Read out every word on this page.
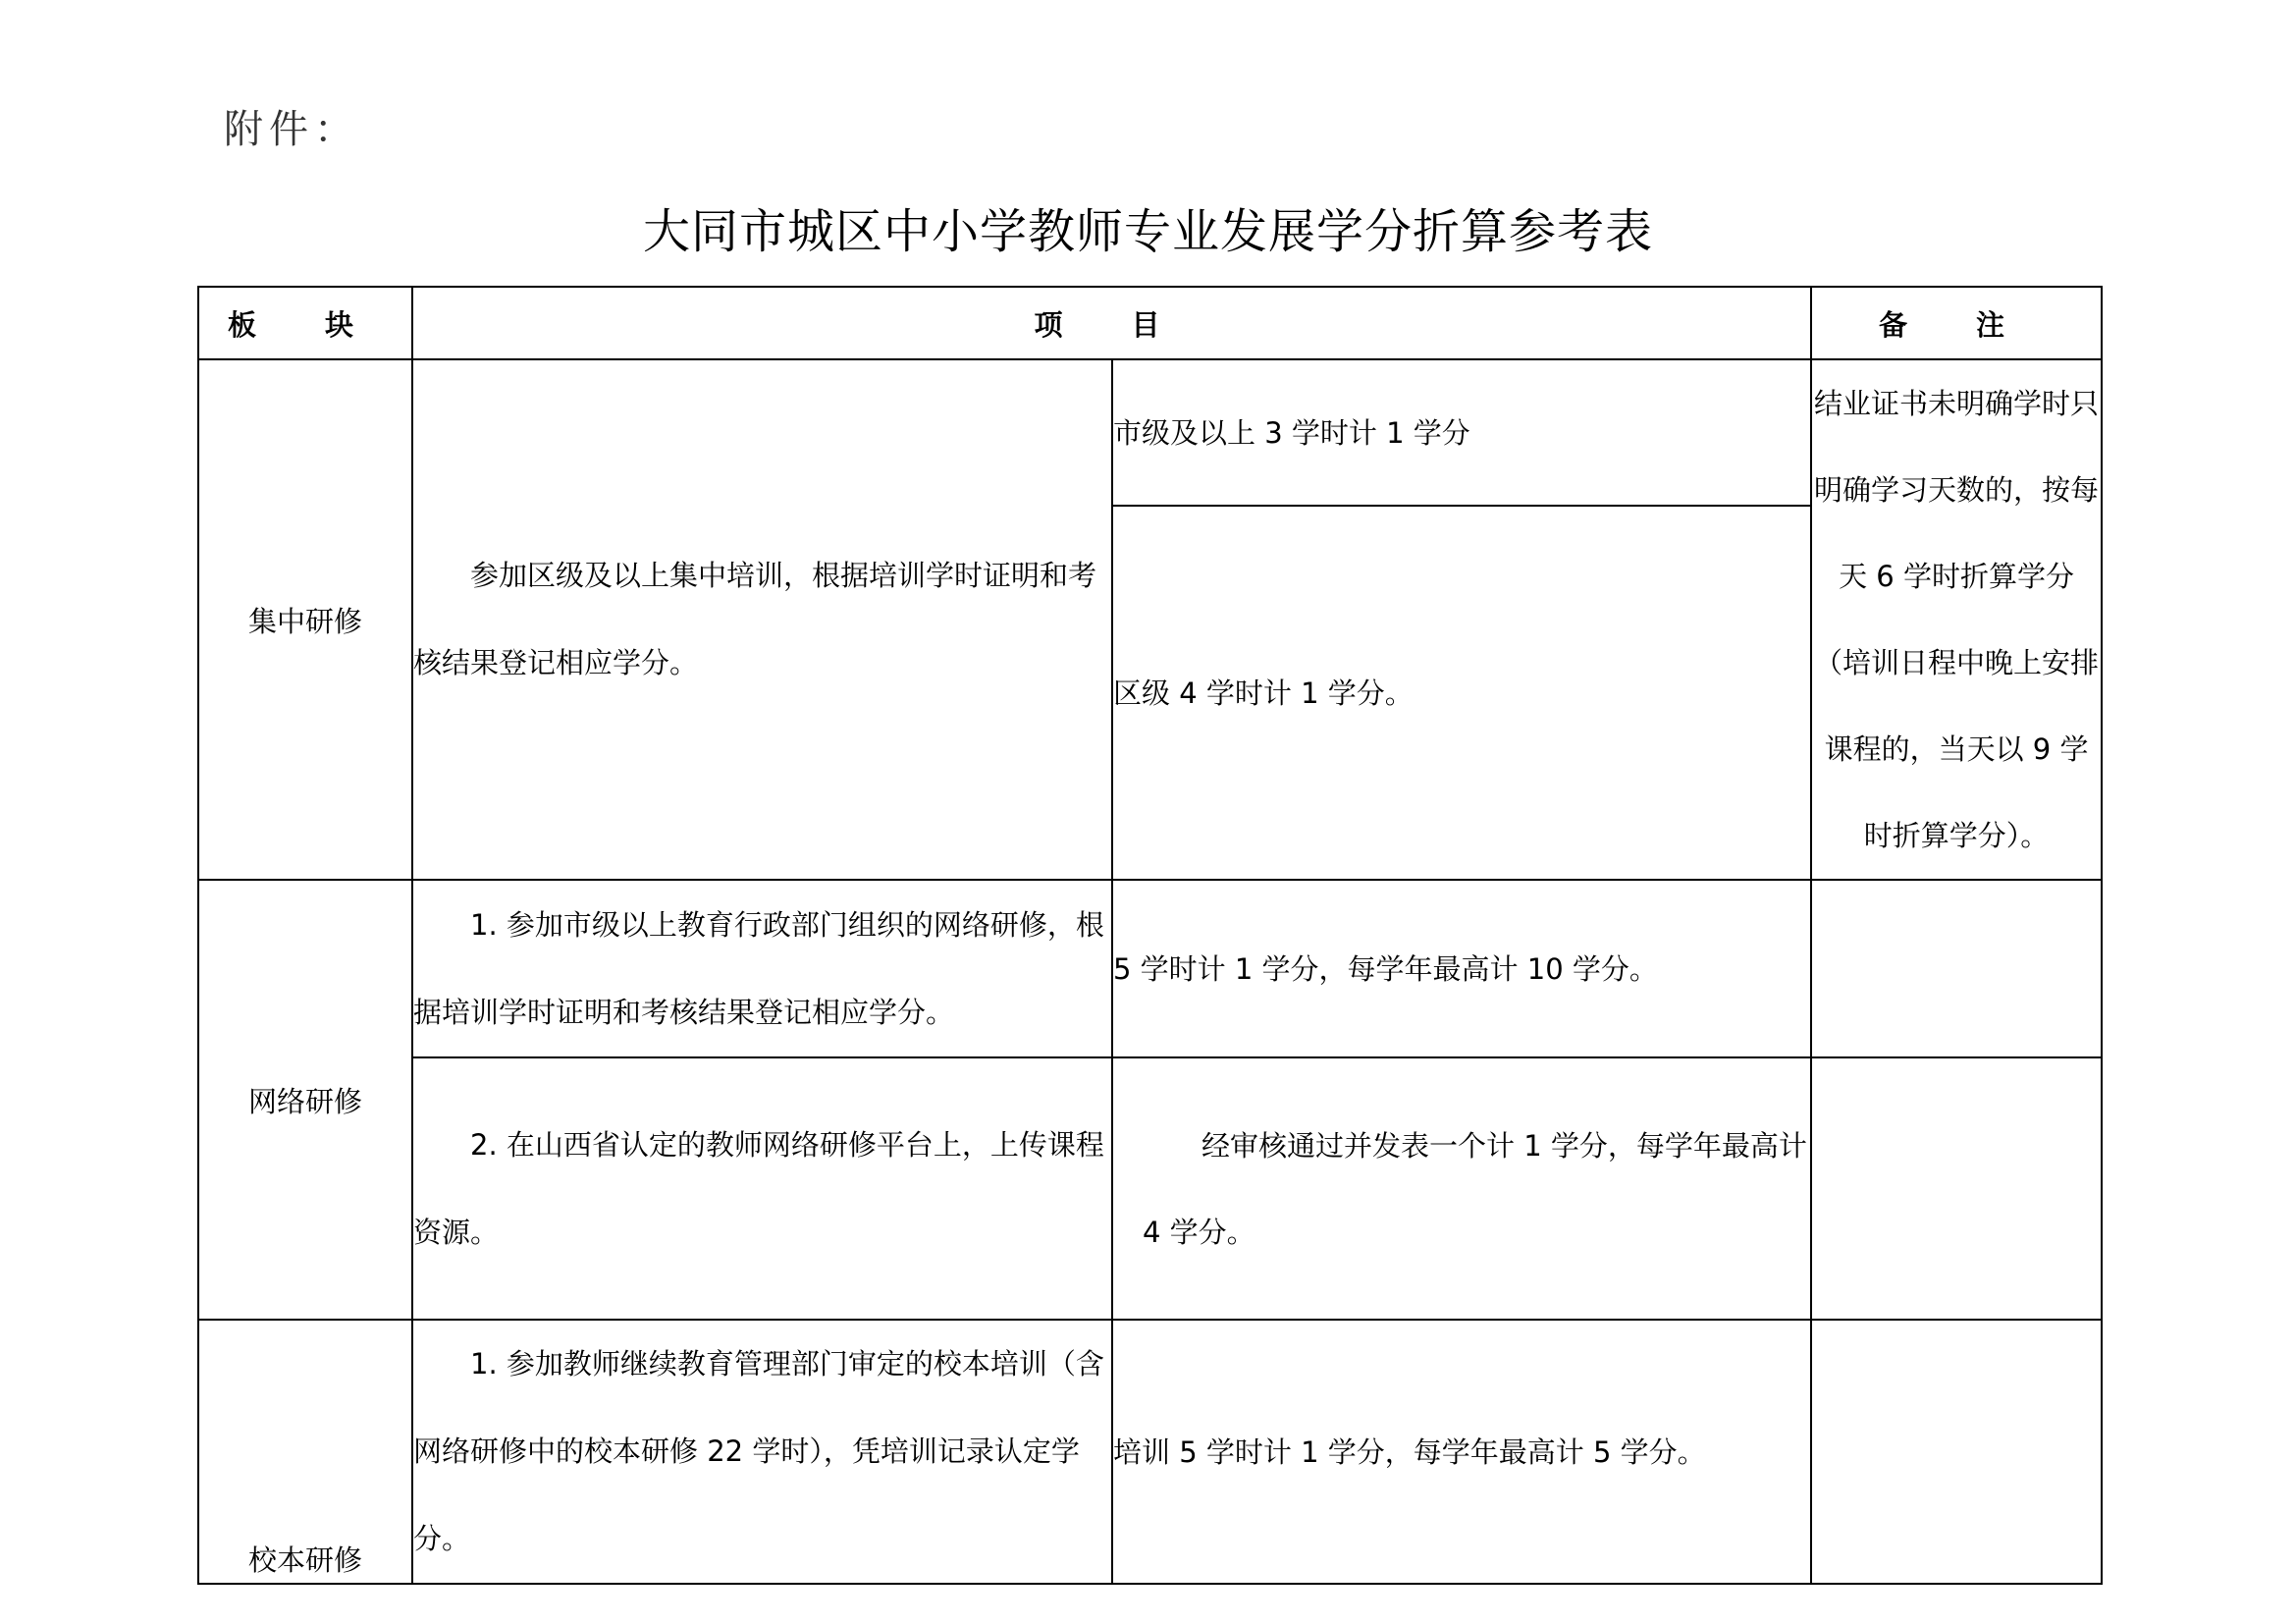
附件：
大同市城区中小学教师专业发展学分折算参考表
板 块	项 目		备 注
集中研修	参加区级及以上集中培训，根据培训学时证明和考核结果登记相应学分。	市级及以上 3 学时计 1 学分	结业证书未明确学时只明确学习天数的，按每天 6 学时折算学分（培训日程中晚上安排课程的，当天以 9 学时折算学分）。
		区级 4 学时计 1 学分。	
网络研修	1. 参加市级以上教育行政部门组织的网络研修，根据培训学时证明和考核结果登记相应学分。	5 学时计 1 学分，每学年最高计 10 学分。	

	2. 在山西省认定的教师网络研修平台上，上传课程资源。	经审核通过并发表一个计 1 学分，每学年最高计 4 学分。	

校本研修	1. 参加教师继续教育管理部门审定的校本培训（含网络研修中的校本研修 22 学时），凭培训记录认定学分。	培训 5 学时计 1 学分，每学年最高计 5 学分。	
